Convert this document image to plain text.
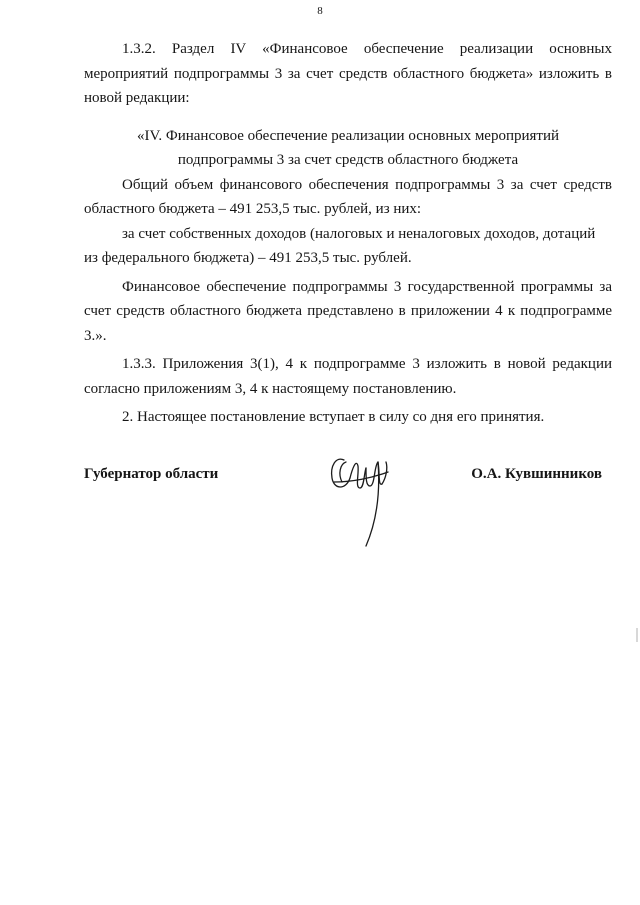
8

1.3.2. Раздел IV «Финансовое обеспечение реализации основных мероприятий подпрограммы 3 за счет средств областного бюджета» изложить в новой редакции:

«IV. Финансовое обеспечение реализации основных мероприятий
подпрограммы 3 за счет средств областного бюджета

Общий объем финансового обеспечения подпрограммы 3 за счет средств областного бюджета – 491 253,5 тыс. рублей, из них:

за счет собственных доходов (налоговых и неналоговых доходов, дотаций

из федерального бюджета) – 491 253,5 тыс. рублей.

Финансовое обеспечение подпрограммы 3 государственной программы за счет средств областного бюджета представлено в приложении 4 к подпрограмме 3.».

1.3.3. Приложения 3(1), 4 к подпрограмме 3 изложить в новой редакции согласно приложениям 3, 4 к настоящему постановлению.

2. Настоящее постановление вступает в силу со дня его принятия.

Губернатор области	О.А. Кувшинников
